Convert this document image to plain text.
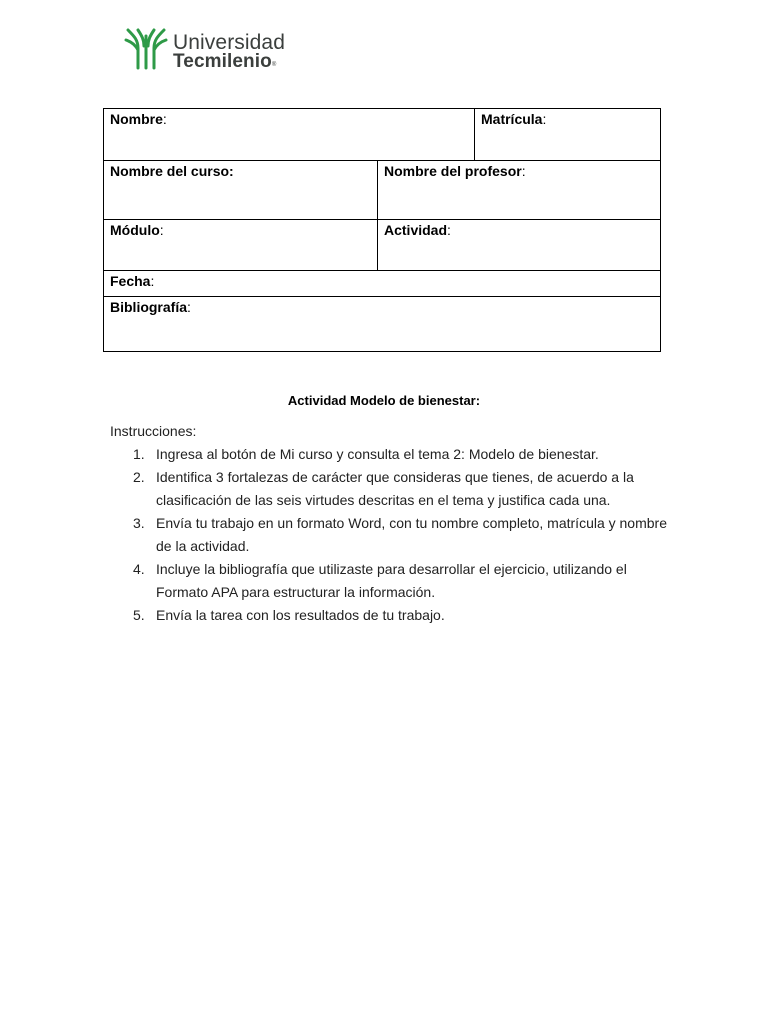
Universidad
Tecmilenio®
Nombre:	Matrícula:
Nombre del curso:	Nombre del profesor:
Módulo:	Actividad:
Fecha:
Bibliografía:
Actividad Modelo de bienestar:
Instrucciones:
1. Ingresa al botón de Mi curso y consulta el tema 2: Modelo de bienestar.
2. Identifica 3 fortalezas de carácter que consideras que tienes, de acuerdo a la clasificación de las seis virtudes descritas en el tema y justifica cada una.
3. Envía tu trabajo en un formato Word, con tu nombre completo, matrícula y nombre de la actividad.
4. Incluye la bibliografía que utilizaste para desarrollar el ejercicio, utilizando el Formato APA para estructurar la información.
5. Envía la tarea con los resultados de tu trabajo.
